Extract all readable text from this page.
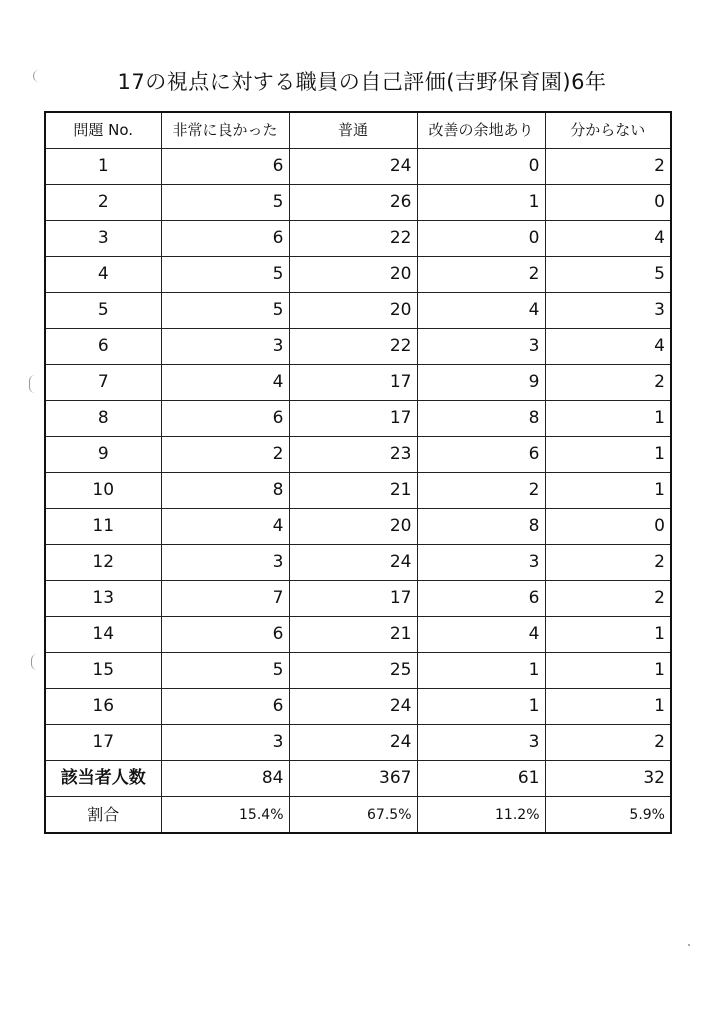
17の視点に対する職員の自己評価(吉野保育園)6年
問題 No.	非常に良かった	普通	改善の余地あり	分からない
1	6	24	0	2
2	5	26	1	0
3	6	22	0	4
4	5	20	2	5
5	5	20	4	3
6	3	22	3	4
7	4	17	9	2
8	6	17	8	1
9	2	23	6	1
10	8	21	2	1
11	4	20	8	0
12	3	24	3	2
13	7	17	6	2
14	6	21	4	1
15	5	25	1	1
16	6	24	1	1
17	3	24	3	2
該当者人数	84	367	61	32
割合	15.4%	67.5%	11.2%	5.9%
